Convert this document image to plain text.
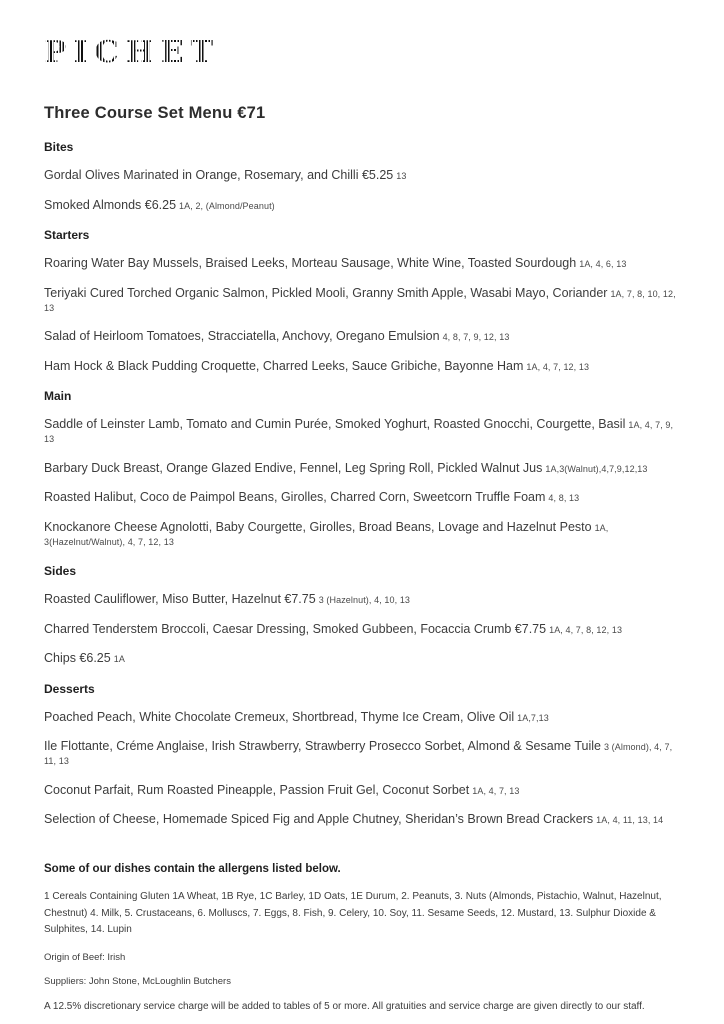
PICHET
Three Course Set Menu €71
Bites

Gordal Olives Marinated in Orange, Rosemary, and Chilli €5.25 13

Smoked Almonds €6.25 1A, 2, (Almond/Peanut)

Starters

Roaring Water Bay Mussels, Braised Leeks, Morteau Sausage, White Wine, Toasted Sourdough 1A, 4, 6, 13

Teriyaki Cured Torched Organic Salmon, Pickled Mooli, Granny Smith Apple, Wasabi Mayo, Coriander 1A, 7, 8, 10, 12, 13

Salad of Heirloom Tomatoes, Stracciatella, Anchovy, Oregano Emulsion 4, 8, 7, 9, 12, 13

Ham Hock & Black Pudding Croquette, Charred Leeks, Sauce Gribiche, Bayonne Ham 1A, 4, 7, 12, 13

Main

Saddle of Leinster Lamb, Tomato and Cumin Purée, Smoked Yoghurt, Roasted Gnocchi, Courgette, Basil 1A, 4, 7, 9, 13

Barbary Duck Breast, Orange Glazed Endive, Fennel, Leg Spring Roll, Pickled Walnut Jus 1A,3(Walnut),4,7,9,12,13

Roasted Halibut, Coco de Paimpol Beans, Girolles, Charred Corn, Sweetcorn Truffle Foam 4, 8, 13

Knockanore Cheese Agnolotti, Baby Courgette, Girolles, Broad Beans, Lovage and Hazelnut Pesto 1A, 3(Hazelnut/Walnut), 4, 7, 12, 13

Sides

Roasted Cauliflower, Miso Butter, Hazelnut €7.75 3 (Hazelnut), 4, 10, 13

Charred Tenderstem Broccoli, Caesar Dressing, Smoked Gubbeen, Focaccia Crumb €7.75 1A, 4, 7, 8, 12, 13

Chips €6.25 1A

Desserts

Poached Peach, White Chocolate Cremeux, Shortbread, Thyme Ice Cream, Olive Oil 1A,7,13

Ile Flottante, Créme Anglaise, Irish Strawberry, Strawberry Prosecco Sorbet, Almond & Sesame Tuile 3 (Almond), 4, 7, 11, 13

Coconut Parfait, Rum Roasted Pineapple, Passion Fruit Gel, Coconut Sorbet 1A, 4, 7, 13

Selection of Cheese, Homemade Spiced Fig and Apple Chutney, Sheridan’s Brown Bread Crackers 1A, 4, 11, 13, 14

Some of our dishes contain the allergens listed below.

1 Cereals Containing Gluten 1A Wheat, 1B Rye, 1C Barley, 1D Oats, 1E Durum, 2. Peanuts, 3. Nuts (Almonds, Pistachio, Walnut, Hazelnut, Chestnut) 4. Milk, 5. Crustaceans, 6. Molluscs, 7. Eggs, 8. Fish, 9. Celery, 10. Soy, 11. Sesame Seeds, 12. Mustard, 13. Sulphur Dioxide & Sulphites, 14. Lupin

Origin of Beef: Irish

Suppliers: John Stone, McLoughlin Butchers

A 12.5% discretionary service charge will be added to tables of 5 or more. All gratuities and service charge are given directly to our staff.
